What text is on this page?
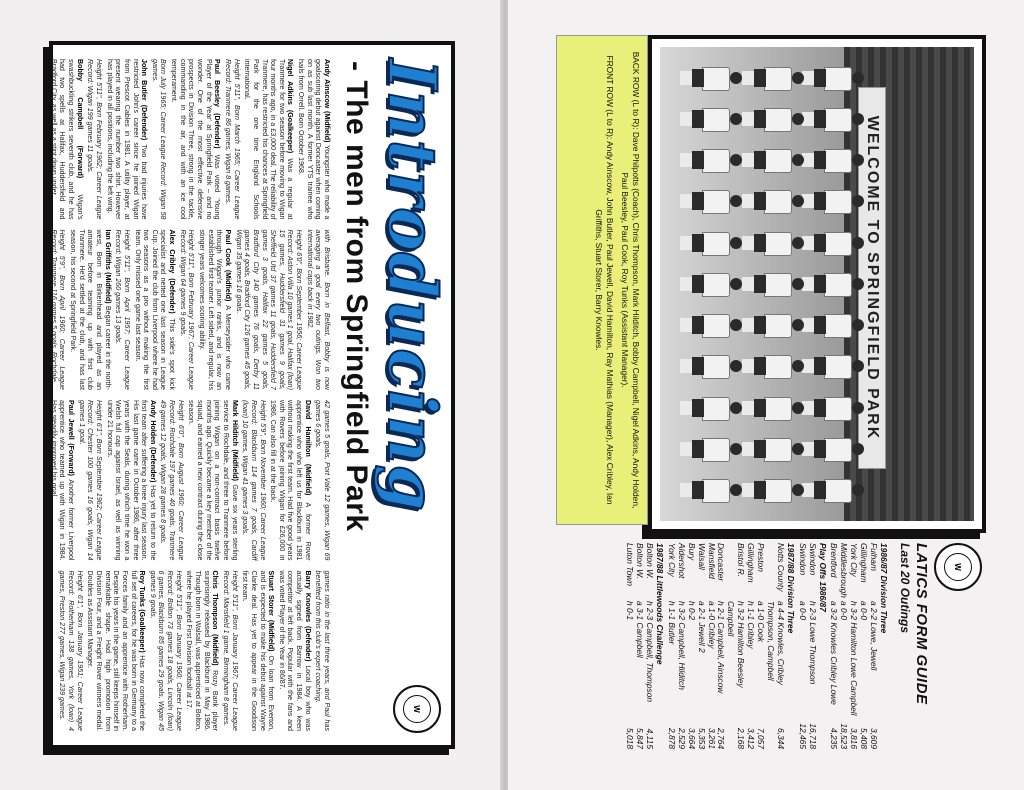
Introducing
- The men from Springfield Park
W

Andy Ainscow (Midfield) Youngster who made a goalscoring debut against Doncaster when coming on as sub last month. A former YTS trainee who hails from Orrell. Born October 1968.

Nigel Adkins (Goalkeeper) Was a regular at Tranmere for two season before moving to Wigan four months ago, in a £3,000 deal. The reliability of Tranmere, has restricted his chances at Springfield Park for the one time England Schools international.

Height 5'11", Born March 1965; Career League Record: Tranmere 86 games, Wigan 8 games.

Paul Beesley (Defender) Was voted 'Young Player of the Year' at Springfield Park – and no wonder. One of the most effective defensive prospects in Division Three, strong in the tackle, commanding in the air, and with an ice cool temperament.

Born July 1965; Career League Record: Wigan 58 games.

John Butler (Defender) Two bad injuries have restricted John's career since he joined Wigan from Prescot Cables in 1981. A utility player, at present wearing the number two shirt. However has played in all positions, including the left wing.

Height 5'11", Born February 1962; Career League Record: Wigan 199 games 11 goals.

Bobby Campbell (Forward) Wigan's swashbuckling strikers seventh club, and he has had two spells at Halifax, Huddersfield and Bradford City, as well as a stint down under

with Brisbane. Born in Belfast, Bobby is now averaging a goal every two outings. Won two international caps back in 1982.

Height 6'0", Born September 1956; Career League Record: Aston Villa 10 games 1 goal, Halifax (loan) 15 games, Huddersfield 31 games 9 goals, Sheffield Utd 37 games 11 goals, Huddersfield 7 games 3 goals, Halifax 22 games 5 goals, Bradford City 140 games 76 goals, Derby 11 games 4 goals, Bradford City 126 games 45 goals, Wigan 35 games 16 goals.

Paul Cook (Midfield) A Merseysider who came through Wigan's junior ranks, and is now an established first teamer. Left sided, and regular, his stinger years welcomes scoring ability.

Height 5'11", Born February 1967; Career League Record: Wigan 64 games 9 goals.

Alex Cribley (Defender) This side's spot kick specialist and netted one last season in League Cup. Joined the club from Liverpool where he had two seasons as a pro without making the first team. Only missed one game last season.

Height 5'11", Born April 1957; Career League Record: Wigan 260 games 13 goals.

Ian Griffiths (Midfield) Began career in the north-west, Born in Birkenhead and played as an amateur before teaming up with first club Tranmere. He'd settled at the club, and has last season, his second at Springfield Park.

Height 5'9", Born April 1960; Career League Record: Tranmere 116 games 5 goals, Rochdale

42 games 5 goals, Port Vale 12 games, Wigan 69 games 6 goals.

David Hamilton (Midfield) A former Rover apprentice who who left us for Blackburn in 1981 without making the first team. Had five good years with Rovers before joining Wigan for £26,000 in 1986. Can also fill in at the back.

Height 5'9", Born November 1960; Career League Record: Blackburn 114 games 7 goals, Cardiff (loan) 10 games, Wigan 41 games 3 goals.

Mark Hilditch (Midfield) Gave six years sterling service to Rochdale, and three to Tranmere before joining Wigan on a non-contract basis twelve months ago. Quickly became a key member of the squad, and earned a new contract during the close season.

Height 6'0", Born August 1960; Career League Record: Rochdale 197 games 40 goals, Tranmere 49 games 12 goals, Wigan 28 games 8 goals.

Andy Holden (Defender) Has yet to return to the first team after suffering a knee injury last season. His last game came in October 1986, after three years with the Seals, during which time he won a Welsh full cap against Israel, as well as winning under 21 honours.

Height 6'1", Born September 1962; Career League Record: Chester 100 games 16 goals, Wigan 14 games 1 goal.

Paul Jewell (Forward) Another former Liverpool apprentice who teamed up with Wigan in 1984. Has steadily improved his goal

games ratio in the last three years, and Paul has benefited from this club's expert coaching.

Barry Knowles (Defender) Local boy who was actually signed from Barrow in 1984. A keen competitor at left back. Popular with the fans and was voted Player of the Year in 86/87.

Stuart Storer (Midfield) On loan from Everton, and is expected to make his debut against Wayne Clarke deal. Has yet to appear in the Goodison first team.

Height 5'11", Born January 1967; Career League Record: Mansfield 1 game, Birmingham 8 games.

Chris Thompson (Midfield) Rozy Bank player surprisingly released by Blackburn in May 1986. Though born in Walsall, was apprenticed at Bolton, where he played First Division football at 17.

Height 5'11", Born January 1960; Career League Record: Bolton 73 games 18 goals, Lincoln (loan) 6 games, Blackburn 85 games 29 goals, Wigan 45 games 9 goals.

Roy Tunks (Goalkeeper) Has now completed the full set of careers, for he was born in Germany to a Forces family and an apprentice with Rotherham. Despite his years in the game, still keeps himself in remarkable shape. Had high promotion from Division Four, and a Freight Rover winners medal. Doubles as Assistant Manager.

Height 6'1", Born January 1951; Career League Record: Rotherham 138 games, York (loan) 4 games, Preston 277 games, Wigan 239 games.

WELCOME TO SPRINGFIELD PARK

BACK ROW (L to R): Dave Philpotts (Coach), Chris Thompson, Mark Hilditch, Bobby Campbell, Nigel Adkins, Andy Holden, Paul Beesley, Paul Cook, Roy Tunks (Assistant Manager).

FRONT ROW (L to R): Andy Ainscow, John Butler, Paul Jewell, David Hamilton, Ray Mathias (Manager), Alex Cribley, Ian Griffiths, Stuart Storer, Barry Knowles.

W
LATICS FORM GUIDE
Last 20 Outings
1986/87 Division Three
Fulham
a 2-2 Lowe, Jewell
3,609
Gillingham
a 0-0
5,408
York City
h 3-2 Hamilton Lowe Campbell
3,816
Middlesbrough
a 0-0
18,523
Brentford
a 3-2 Knowles Cribley Lowe
4,235
Play Offs 1986/87
Swindon
h 2-3 Lowe Thompson
16,718
Swindon
a 0-0
12,465
1987/88 Division Three
Notts County
a 4-4 Knowles, Cribley Thompson, Campbell
6,344
Preston
a 1-0 Cook
7,057
Gillingham
h 1-1 Cribley
3,412
Bristol R.
h 3-2 Hamilton Beesley Campbell
2,168
Doncaster
h 2-1 Campbell, Ainscow
2,764
Mansfield
a 1-0 Cribley
3,261
Walsall
a 2-1 Jewell 2
5,353
Bury
h 0-2
3,664
Aldershot
h 3-2 Campbell, Hilditch
2,529
York City
h 1-1 Butler
2,878
1987/88 Littlewoods Challenge
Bolton W.
h 2-3 Campbell, Thompson
4,115
Bolton W.
a 3-1 Campbell
5,847
Luton Town
h 0-1
5,018
